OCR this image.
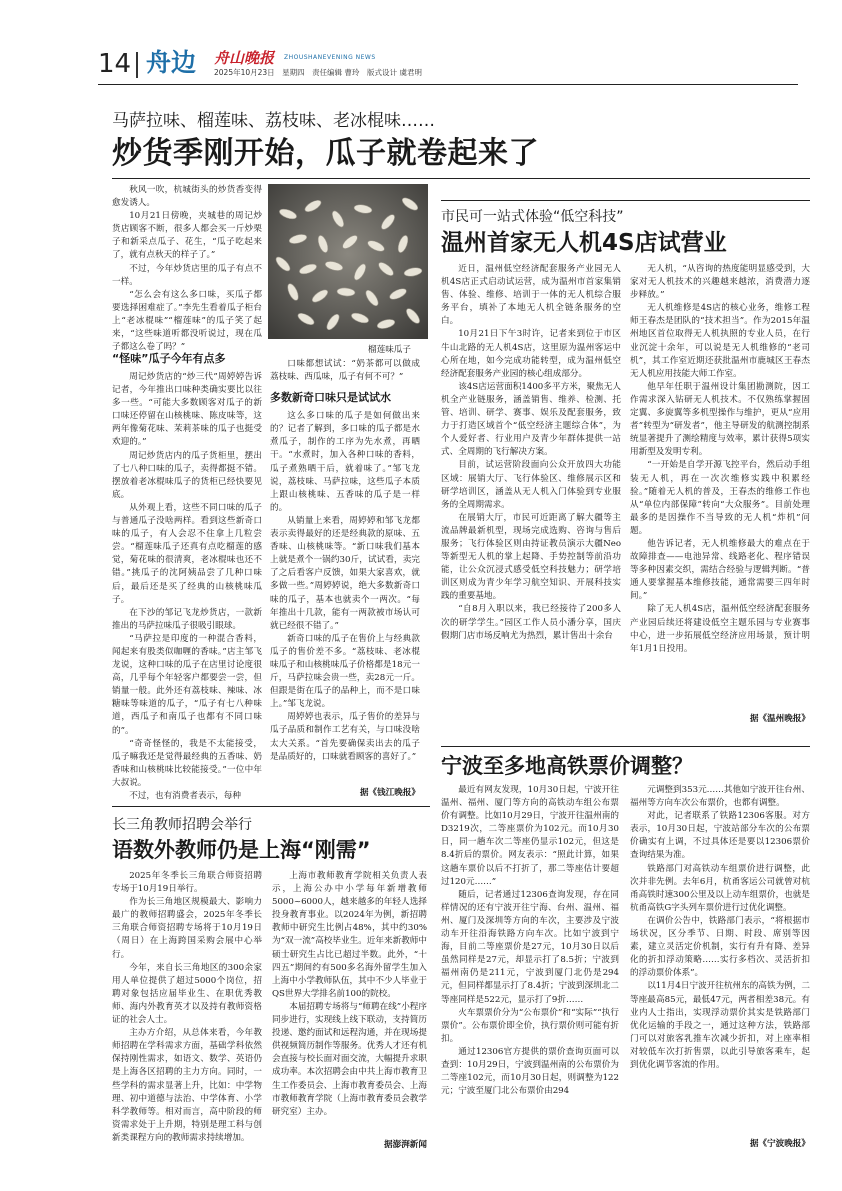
14 舟边 舟山晚报 ZHOUSHANEVENING NEWS
2025年10月23日　星期四　责任编辑 曹玲　版式设计 虞君明
马萨拉味、榴莲味、荔枝味、老冰棍味……
炒货季刚开始，瓜子就卷起来了
榴莲味瓜子

秋风一吹，杭城街头的炒货香变得愈发诱人。

10月21日傍晚，夹城巷的周记炒货店顾客不断，很多人都会买一斤炒栗子和新采点瓜子、花生，“瓜子吃起来了，就有点秋天的样子了。”

不过，今年炒货店里的瓜子有点不一样。

“怎么会有这么多口味，买瓜子都要选择困难症了。”李先生看着瓜子柜台上“老冰棍味”“榴莲味”的瓜子笑了起来，“这些味道听都没听说过，现在瓜子都这么卷了吗？”

“怪味”瓜子今年有点多

周记炒货店的“炒三代”周婷婷告诉记者，今年推出口味种类确实要比以往多一些。“可能大多数顾客对瓜子的新口味还停留在山核桃味、陈皮味等，这两年像菊花味、茉莉茶味的瓜子也挺受欢迎的。”

周记炒货店内的瓜子货柜里，摆出了七八种口味的瓜子，卖得都挺不错。摆放着老冰棍味瓜子的货柜已经快要见底。

从外观上看，这些不同口味的瓜子与普通瓜子没啥两样。看到这些新奇口味的瓜子，有人会忍不住拿上几粒尝尝。“榴莲味瓜子还真有点吃榴莲的感觉，菊花味的很清爽，老冰棍味也还不错。”挑瓜子的沈阿姨品尝了几种口味后，最后还是买了经典的山核桃味瓜子。

在下沙的邹记飞龙炒货店，一款新推出的马萨拉味瓜子很吸引眼球。

“马萨拉是印度的一种混合香料，闻起来有股类似咖喱的香味。”店主邹飞龙说，这种口味的瓜子在店里讨论度很高，几乎每个年轻客户都要尝一尝，但销量一般。此外还有荔枝味、辣味、冰糖味等味道的瓜子，“瓜子有七八种味道，西瓜子和南瓜子也都有不同口味的”。

“奇奇怪怪的，我是不太能接受，瓜子嘛我还是觉得最经典的五香味、奶香味和山核桃味比较能接受。”一位中年大叔说。

不过，也有消费者表示，每种

口味都想试试：“奶茶都可以做成荔枝味、西瓜味，瓜子有何不可？”

多数新奇口味只是试试水

这么多口味的瓜子是如何做出来的？记者了解到，多口味的瓜子都是水煮瓜子，制作的工序为先水煮，再晒干。“水煮时，加入各种口味的香料，瓜子煮熟晒干后，就着味了。”邹飞龙说，荔枝味、马萨拉味，这些瓜子本质上跟山核桃味、五香味的瓜子是一样的。

从销量上来看，周婷婷和邹飞龙都表示卖得最好的还是经典款的原味、五香味、山核桃味等。“新口味我们基本上就是煮个一锅约30斤，试试看，卖完了之后看客户反馈，如果大家喜欢，就多做一些。”周婷婷说，绝大多数新奇口味的瓜子，基本也就卖个一两次。“每年推出十几款，能有一两款被市场认可就已经很不错了。”

新奇口味的瓜子在售价上与经典款瓜子的售价差不多。“荔枝味、老冰棍味瓜子和山核桃味瓜子价格都是18元一斤，马萨拉味会贵一些，卖28元一斤。但跟是街在瓜子的品种上，而不是口味上。”邹飞龙说。

周婷婷也表示，瓜子售价的差异与瓜子品质和制作工艺有关，与口味没啥太大关系。“首先要确保卖出去的瓜子是品质好的，口味就看顾客的喜好了。”

据《钱江晚报》
市民可一站式体验“低空科技”
温州首家无人机4S店试营业

近日，温州低空经济配套服务产业园无人机4S店正式启动试运营，成为温州市首家集销售、体验、维修、培训于一体的无人机综合服务平台，填补了本地无人机全链条服务的空白。

10月21日下午3时许，记者来到位于市区牛山北路的无人机4S店，这里原为温州客运中心所在地，如今完成功能转型，成为温州低空经济配套服务产业园的核心组成部分。

该4S店运营面积1400多平方米，聚焦无人机全产业链服务，涵盖销售、维养、检测、托管、培训、研学、赛事、娱乐及配套服务，致力于打造区域首个“低空经济主题综合体”，为个人爱好者、行业用户及青少年群体提供一站式、全周期的飞行解决方案。

目前，试运营阶段面向公众开放四大功能区域：展销大厅、飞行体验区、维修展示区和研学培训区，涵盖从无人机入门体验到专业服务的全周期需求。

在展销大厅，市民可近距离了解大疆等主流品牌最新机型，现场完成选购、咨询与售后服务；飞行体验区则由持证教员演示大疆Neo等新型无人机的掌上起降、手势控制等前沿功能，让公众沉浸式感受低空科技魅力；研学培训区则成为青少年学习航空知识、开展科技实践的重要基地。

“自8月入职以来，我已经接待了200多人次的研学学生。”园区工作人员小潘分享，国庆假期门店市场反响尤为热烈，累计售出十余台

无人机，“从咨询的热度能明显感受到，大家对无人机技术的兴趣越来越浓，消费潜力逐步释放。”

无人机维修是4S店的核心业务，维修工程师王春杰是团队的“技术担当”。作为2015年温州地区首位取得无人机执照的专业人员，在行业沉淀十余年，可以说是无人机维修的“老司机”，其工作室近期还获批温州市鹿城区王春杰无人机应用技能大师工作室。

他早年任职于温州设计集团勘测院，因工作需求深入钻研无人机技术。不仅熟练掌握固定翼、多旋翼等多机型操作与维护，更从“应用者”转型为“研发者”，他主导研发的航测控制系统显著提升了测绘精度与效率，累计获得5项实用新型及发明专利。

“一开始是自学开源飞控平台，然后动手组装无人机，再在一次次维修实践中积累经验。”随着无人机的普及，王春杰的维修工作也从“单位内部保障”转向“大众服务”。目前处理最多的是因操作不当导致的无人机“炸机”问题。

他告诉记者，无人机维修最大的难点在于故障排查——电池异常、线路老化、程序错误等多种因素交织，需结合经验与逻辑判断。“普通人要掌握基本维修技能，通常需要三四年时间。”

除了无人机4S店，温州低空经济配套服务产业园后续还将建设低空主题乐园与专业赛事中心，进一步拓展低空经济应用场景，预计明年1月1日投用。

据《温州晚报》
宁波至多地高铁票价调整？

最近有网友发现，10月30日起，宁波开往温州、福州、厦门等方向的高铁动车组公布票价有调整。比如10月29日，宁波开往温州南的D3219次，二等座票价为102元。而10月30日，同一趟车次二等座仍显示102元，但这是8.4折后的票价。网友表示：“照此计算，如果这趟车票价以后不打折了，那二等座估计要超过120元……”

随后，记者通过12306查询发现，存在同样情况的还有宁波开往宁海、台州、温州、福州、厦门及深圳等方向的车次，主要涉及宁波动车开往沿海铁路方向车次。比如宁波到宁海，目前二等座票价是27元，10月30日以后虽然同样是27元，却显示打了8.5折；宁波到福州南仍是211元，宁波到厦门北仍是294元，但同样都显示打了8.4折；宁波到深圳北二等座同样是522元，显示打了9折……

火车票票价分为“公布票价”和“实际”“执行票价”。公布票价即全价，执行票价则可能有折扣。

通过12306官方提供的票价查询页面可以查到：10月29日，宁波到温州南的公布票价为二等座102元，而10月30日起，则调整为122元；宁波至厦门北公布票价由294

元调整到353元……其他如宁波开往台州、福州等方向车次公布票价，也都有调整。

对此，记者联系了铁路12306客服。对方表示，10月30日起，宁波站部分车次的公布票价确实有上调，不过具体还是要以12306票价查询结果为准。

铁路部门对高铁动车组票价进行调整，此次并非先例。去年6月，杭甬客运公司就曾对杭甬高铁时速300公里及以上动车组票价，也就是杭甬高铁G字头列车票价进行过优化调整。

在调价公告中，铁路部门表示，“将根据市场状况，区分季节、日期、时段、席别等因素，建立灵活定价机制，实行有升有降、差异化的折扣浮动策略……实行多档次、灵活折扣的浮动票价体系”。

以11月4日宁波开往杭州东的高铁为例，二等座最高85元，最低47元，两者相差38元。有业内人士指出，实现浮动票价其实是铁路部门优化运输的手段之一，通过这种方法，铁路部门可以对旅客乳推车次减少折扣，对上座率相对较低车次打折售票，以此引导旅客乘车，起到优化调节客流的作用。

据《宁波晚报》
长三角教师招聘会举行
语数外教师仍是上海“刚需”

2025年冬季长三角联合师资招聘专场于10月19日举行。

作为长三角地区规模最大、影响力最广的教师招聘盛会，2025年冬季长三角联合师资招聘专场将于10月19日（周日）在上海跨国采购会展中心举行。

今年，来自长三角地区的300余家用人单位提供了超过5000个岗位，招聘对象包括应届毕业生、在职优秀教师、海内外教育英才以及持有教师资格证的社会人士。

主办方介绍，从总体来看，今年教师招聘在学科需求方面，基础学科依然保持刚性需求，如语文、数学、英语仍是上海各区招聘的主力方向。同时，一些学科的需求显著上升，比如：中学物理、初中道德与法治、中学体育、小学科学教师等。相对而言，高中阶段的师资需求处于上升期，特别是理工科与创新类课程方向的教师需求持续增加。

上海市教师教育学院相关负责人表示，上海公办中小学每年新增教师5000~6000人，越来越多的年轻人选择投身教育事业。以2024年为例，新招聘教师中研究生比例占48%，其中约30%为“双一流”高校毕业生。近年来新教师中硕士研究生占比已超过半数。此外，“十四五”期间约有500多名海外留学生加入上海中小学教师队伍，其中不少人毕业于QS世界大学排名前100的院校。

本届招聘专场将与“师聘在线”小程序同步进行，实现线上线下联动，支持简历投递、邀约面试和远程沟通，并在现场提供视频简历制作等服务。优秀人才还有机会直接与校长面对面交流，大幅提升求职成功率。本次招聘会由中共上海市教育卫生工作委员会、上海市教育委员会、上海市教师教育学院（上海市教育委员会教学研究室）主办。

据澎湃新闻
